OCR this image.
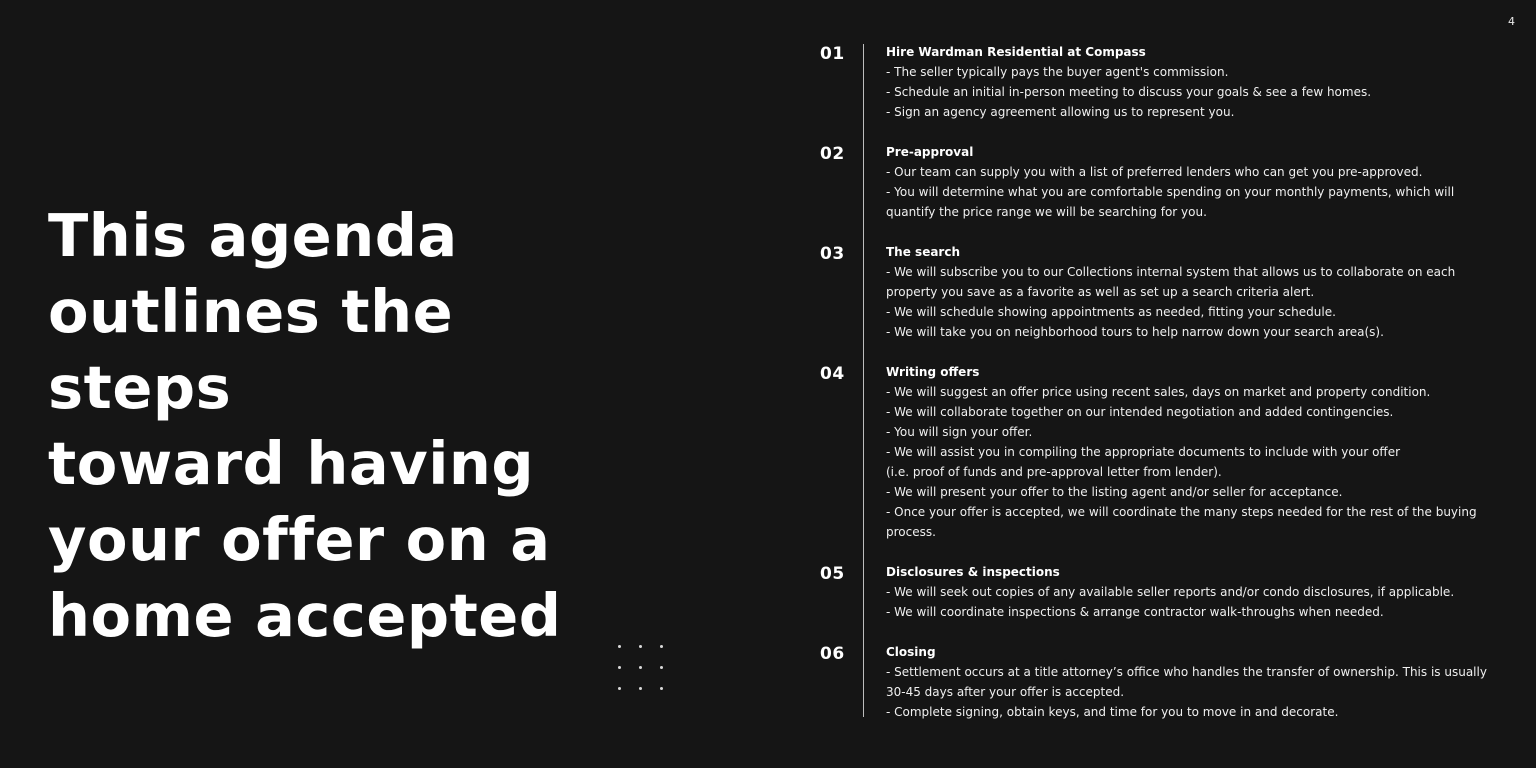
4
This agenda
outlines the steps
toward having
your offer on a
home accepted
01	Hire Wardman Residential at Compass
- The seller typically pays the buyer agent's commission.
- Schedule an initial in-person meeting to discuss your goals & see a few homes.
- Sign an agency agreement allowing us to represent you.
02	Pre-approval
- Our team can supply you with a list of preferred lenders who can get you pre-approved.
- You will determine what you are comfortable spending on your monthly payments, which will quantify the price range we will be searching for you.
03	The search
- We will subscribe you to our Collections internal system that allows us to collaborate on each property you save as a favorite as well as set up a search criteria alert.
- We will schedule showing appointments as needed, fitting your schedule.
- We will take you on neighborhood tours to help narrow down your search area(s).
04	Writing offers
- We will suggest an offer price using recent sales, days on market and property condition.
- We will collaborate together on our intended negotiation and added contingencies.
- You will sign your offer.
- We will assist you in compiling the appropriate documents to include with your offer
(i.e. proof of funds and pre-approval letter from lender).
- We will present your offer to the listing agent and/or seller for acceptance.
- Once your offer is accepted, we will coordinate the many steps needed for the rest of the buying process.
05	Disclosures & inspections
- We will seek out copies of any available seller reports and/or condo disclosures, if applicable.
- We will coordinate inspections & arrange contractor walk-throughs when needed.
06	Closing
- Settlement occurs at a title attorney’s office who handles the transfer of ownership. This is usually 30-45 days after your offer is accepted.
- Complete signing, obtain keys, and time for you to move in and decorate.
